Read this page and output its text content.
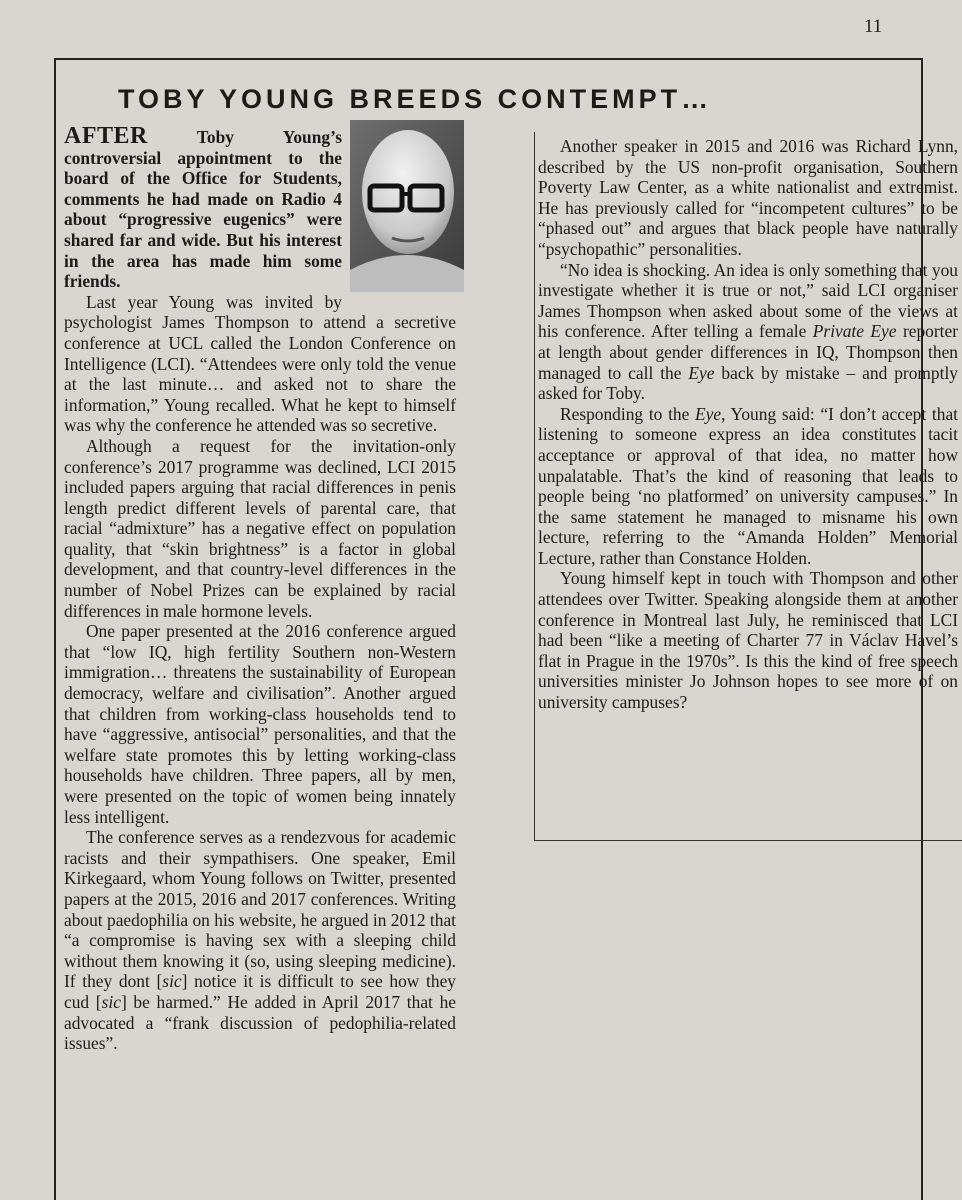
11
TOBY YOUNG BREEDS CONTEMPT…

AFTER Toby Young’s controversial appointment to the board of the Office for Students, comments he had made on Radio 4 about “progressive eugenics” were shared far and wide. But his interest in the area has made him some friends.

Last year Young was invited by psychologist James Thompson to attend a secretive conference at UCL called the London Conference on Intelligence (LCI). “Attendees were only told the venue at the last minute… and asked not to share the information,” Young recalled. What he kept to himself was why the conference he attended was so secretive.

Although a request for the invitation-only conference’s 2017 programme was declined, LCI 2015 included papers arguing that racial differences in penis length predict different levels of parental care, that racial “admixture” has a negative effect on population quality, that “skin brightness” is a factor in global development, and that country-level differences in the number of Nobel Prizes can be explained by racial differences in male hormone levels.

One paper presented at the 2016 conference argued that “low IQ, high fertility Southern non-Western immigration… threatens the sustainability of European democracy, welfare and civilisation”. Another argued that children from working-class households tend to have “aggressive, antisocial” personalities, and that the welfare state promotes this by letting working-class households have children. Three papers, all by men, were presented on the topic of women being innately less intelligent.

The conference serves as a rendezvous for academic racists and their sympathisers. One speaker, Emil Kirkegaard, whom Young follows on Twitter, presented papers at the 2015, 2016 and 2017 conferences. Writing about paedophilia on his website, he argued in 2012 that “a compromise is having sex with a sleeping child without them knowing it (so, using sleeping medicine). If they dont [sic] notice it is difficult to see how they cud [sic] be harmed.” He added in April 2017 that he advocated a “frank discussion of pedophilia-related issues”.

Another speaker in 2015 and 2016 was Richard Lynn, described by the US non-profit organisation, Southern Poverty Law Center, as a white nationalist and extremist. He has previously called for “incompetent cultures” to be “phased out” and argues that black people have naturally “psychopathic” personalities.

“No idea is shocking. An idea is only something that you investigate whether it is true or not,” said LCI organiser James Thompson when asked about some of the views at his conference. After telling a female Private Eye reporter at length about gender differences in IQ, Thompson then managed to call the Eye back by mistake – and promptly asked for Toby.

Responding to the Eye, Young said: “I don’t accept that listening to someone express an idea constitutes tacit acceptance or approval of that idea, no matter how unpalatable. That’s the kind of reasoning that leads to people being ‘no platformed’ on university campuses.” In the same statement he managed to misname his own lecture, referring to the “Amanda Holden” Memorial Lecture, rather than Constance Holden.

Young himself kept in touch with Thompson and other attendees over Twitter. Speaking alongside them at another conference in Montreal last July, he reminisced that LCI had been “like a meeting of Charter 77 in Václav Havel’s flat in Prague in the 1970s”. Is this the kind of free speech universities minister Jo Johnson hopes to see more of on university campuses?
